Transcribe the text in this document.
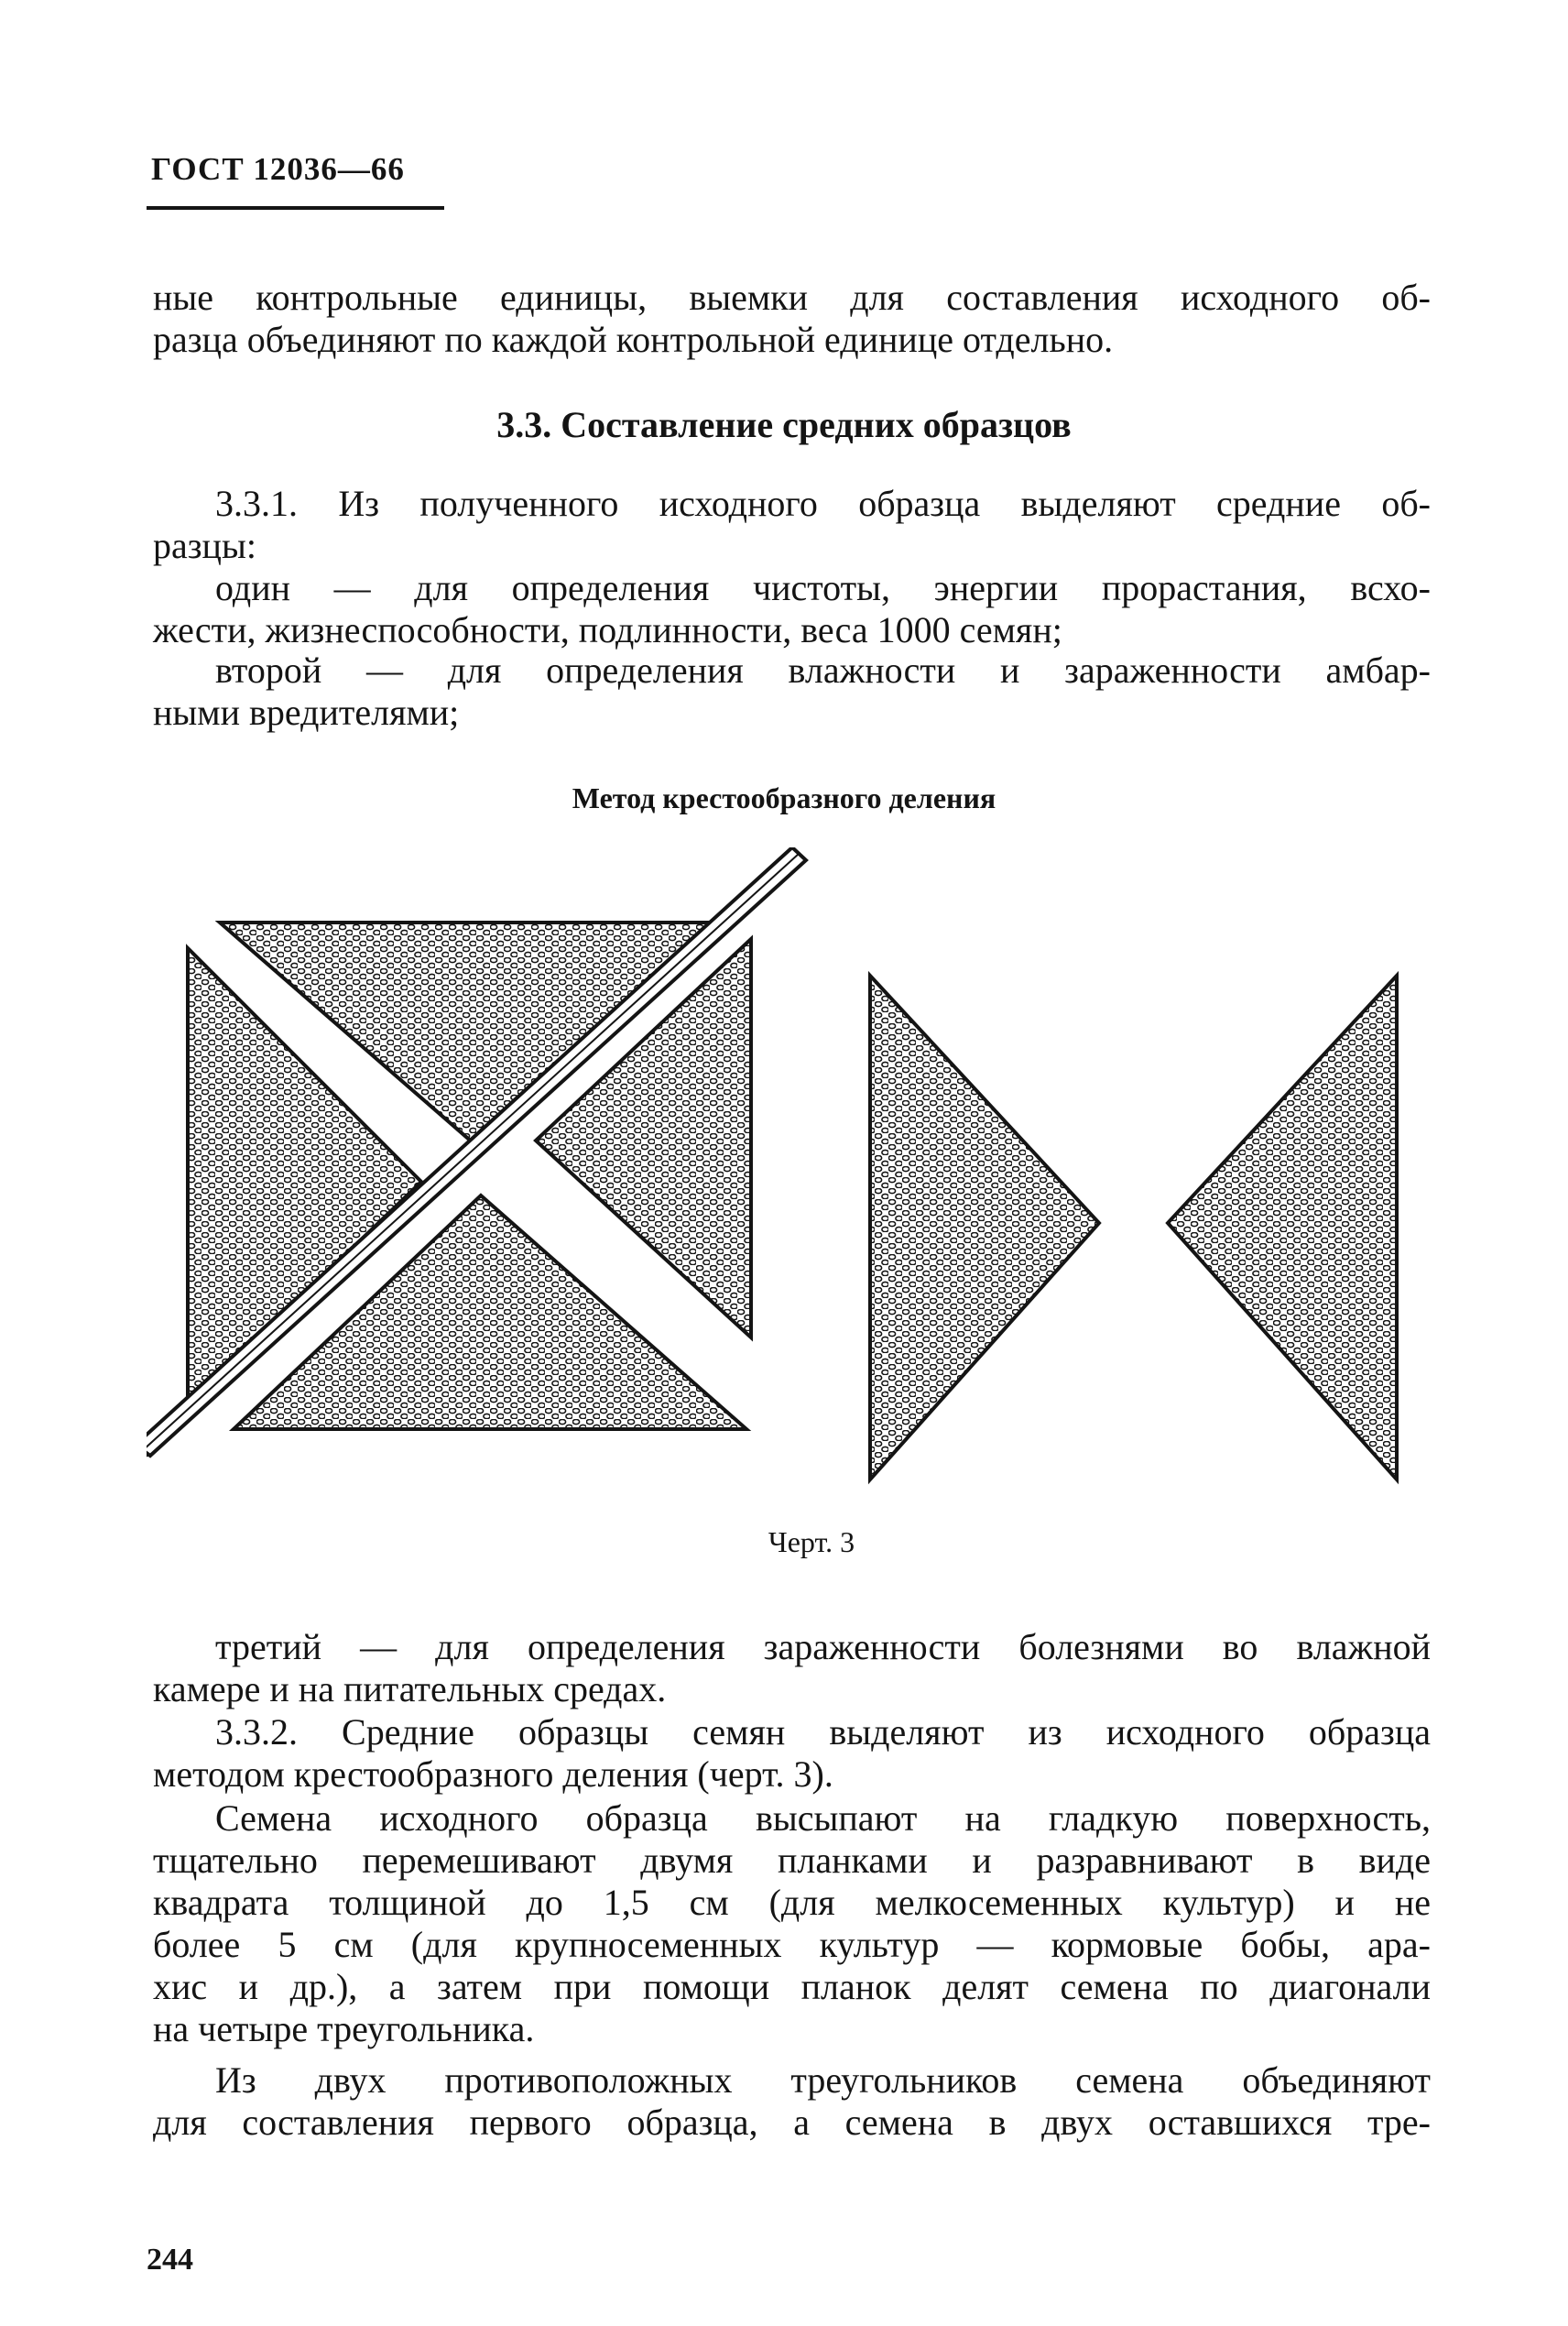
ГОСТ 12036—66
ные контрольные единицы, выемки для составления исходного об-
разца объединяют по каждой контрольной единице отдельно.
3.3. Составление средних образцов
3.3.1. Из полученного исходного образца выделяют средние об-
разцы:
один — для определения чистоты, энергии прорастания, всхо-
жести, жизнеспособности, подлинности, веса 1000 семян;
второй — для определения влажности и зараженности амбар-
ными вредителями;
Метод крестообразного деления
Черт. 3
третий — для определения зараженности болезнями во влажной
камере и на питательных средах.
3.3.2. Средние образцы семян выделяют из исходного образца
методом крестообразного деления (черт. 3).
Семена исходного образца высыпают на гладкую поверхность,
тщательно перемешивают двумя планками и разравнивают в виде
квадрата толщиной до 1,5 см (для мелкосеменных культур) и не
более 5 см (для крупносеменных культур — кормовые бобы, ара-
хис и др.), а затем при помощи планок делят семена по диагонали
на четыре треугольника.
Из двух противоположных треугольников семена объединяют
для составления первого образца, а семена в двух оставшихся тре-
244
